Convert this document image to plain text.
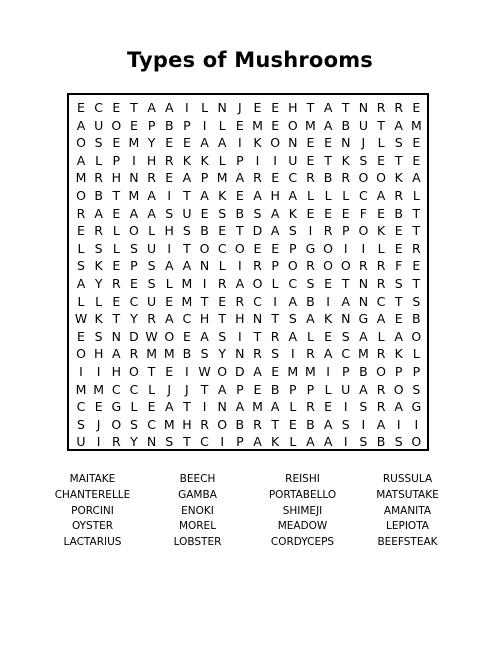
Types of Mushrooms
E C E T A A I L N J E E H T A T N R R E
A U O E P B P I L E M E O M A B U T A M
O S E M Y E E A A I K O N E E N J L S E
A L P I H R K K L P I	I U E T K S E T E
M R H N R E A P M A R E C R B R O O K A
O B T M A I T A K E A H A L L L C A R L
R A E A A S U E S B S A K E E E F E B T
E R L O L H S B E T D A S I R P O K E T
L S L S U I T O C O E E P G O I	I L E R
S K E P S A A N L I R P O R O O R R F E
A Y R E S L M I R A O L C S E T N R S T
L L E C U E M T E R C I A B I A N C T S
W K T Y R A C H T H N T S A K N G A E B
E S N D W O E A S I T R A L E S A L A O
O H A R M M B S Y N R S I R A C M R K L
I	I H O T E I W O D A E M M I P B O P P
M M C C L J	J T A P E B P P L U A R O S
C E G L E A T I N A M A L R E I S R A G
S J O S C M H R O B R T E B A S I A I	I
U I R Y N S T C I P A K L A A I S B S O
MAITAKE	BEECH	REISHI	RUSSULA
CHANTERELLE	GAMBA	PORTABELLO	MATSUTAKE
PORCINI	ENOKI	SHIMEJI	AMANITA
OYSTER	MOREL	MEADOW	LEPIOTA
LACTARIUS	LOBSTER	CORDYCEPS	BEEFSTEAK
